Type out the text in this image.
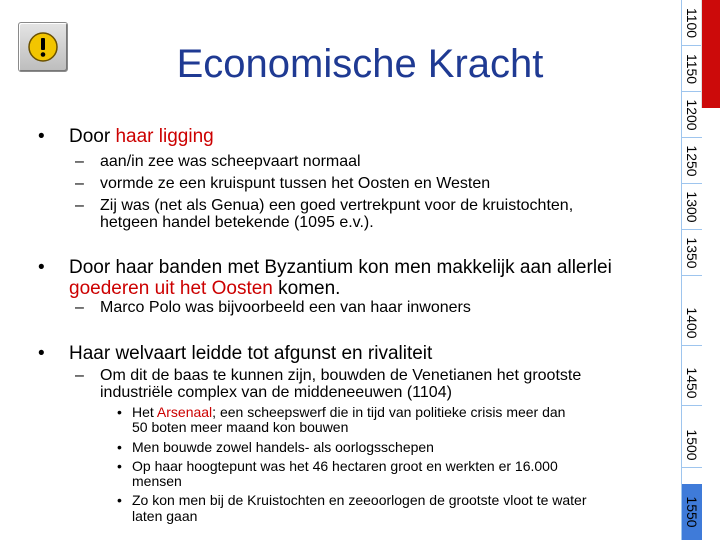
Economische Kracht
• Door haar ligging
– aan/in zee was scheepvaart normaal
– vormde ze een kruispunt tussen het Oosten en Westen
– Zij was (net als Genua) een goed vertrekpunt voor de kruistochten,
hetgeen handel betekende (1095 e.v.).
• Door haar banden met Byzantium kon men makkelijk aan allerlei
goederen uit het Oosten komen.
– Marco Polo was bijvoorbeeld een van haar inwoners
• Haar welvaart leidde tot afgunst en rivaliteit
– Om dit de baas te kunnen zijn, bouwden de Venetianen het grootste
industriële complex van de middeneeuwen (1104)
• Het Arsenaal; een scheepswerf die in tijd van politieke crisis meer dan
50 boten meer maand kon bouwen
• Men bouwde zowel handels- als oorlogsschepen
• Op haar hoogtepunt was het 46 hectaren groot en werkten er 16.000
mensen
• Zo kon men bij de Kruistochten en zeeoorlogen de grootste vloot te water
laten gaan
1100
1150
1200
1250
1300
1350
1400
1450
1500
1550
